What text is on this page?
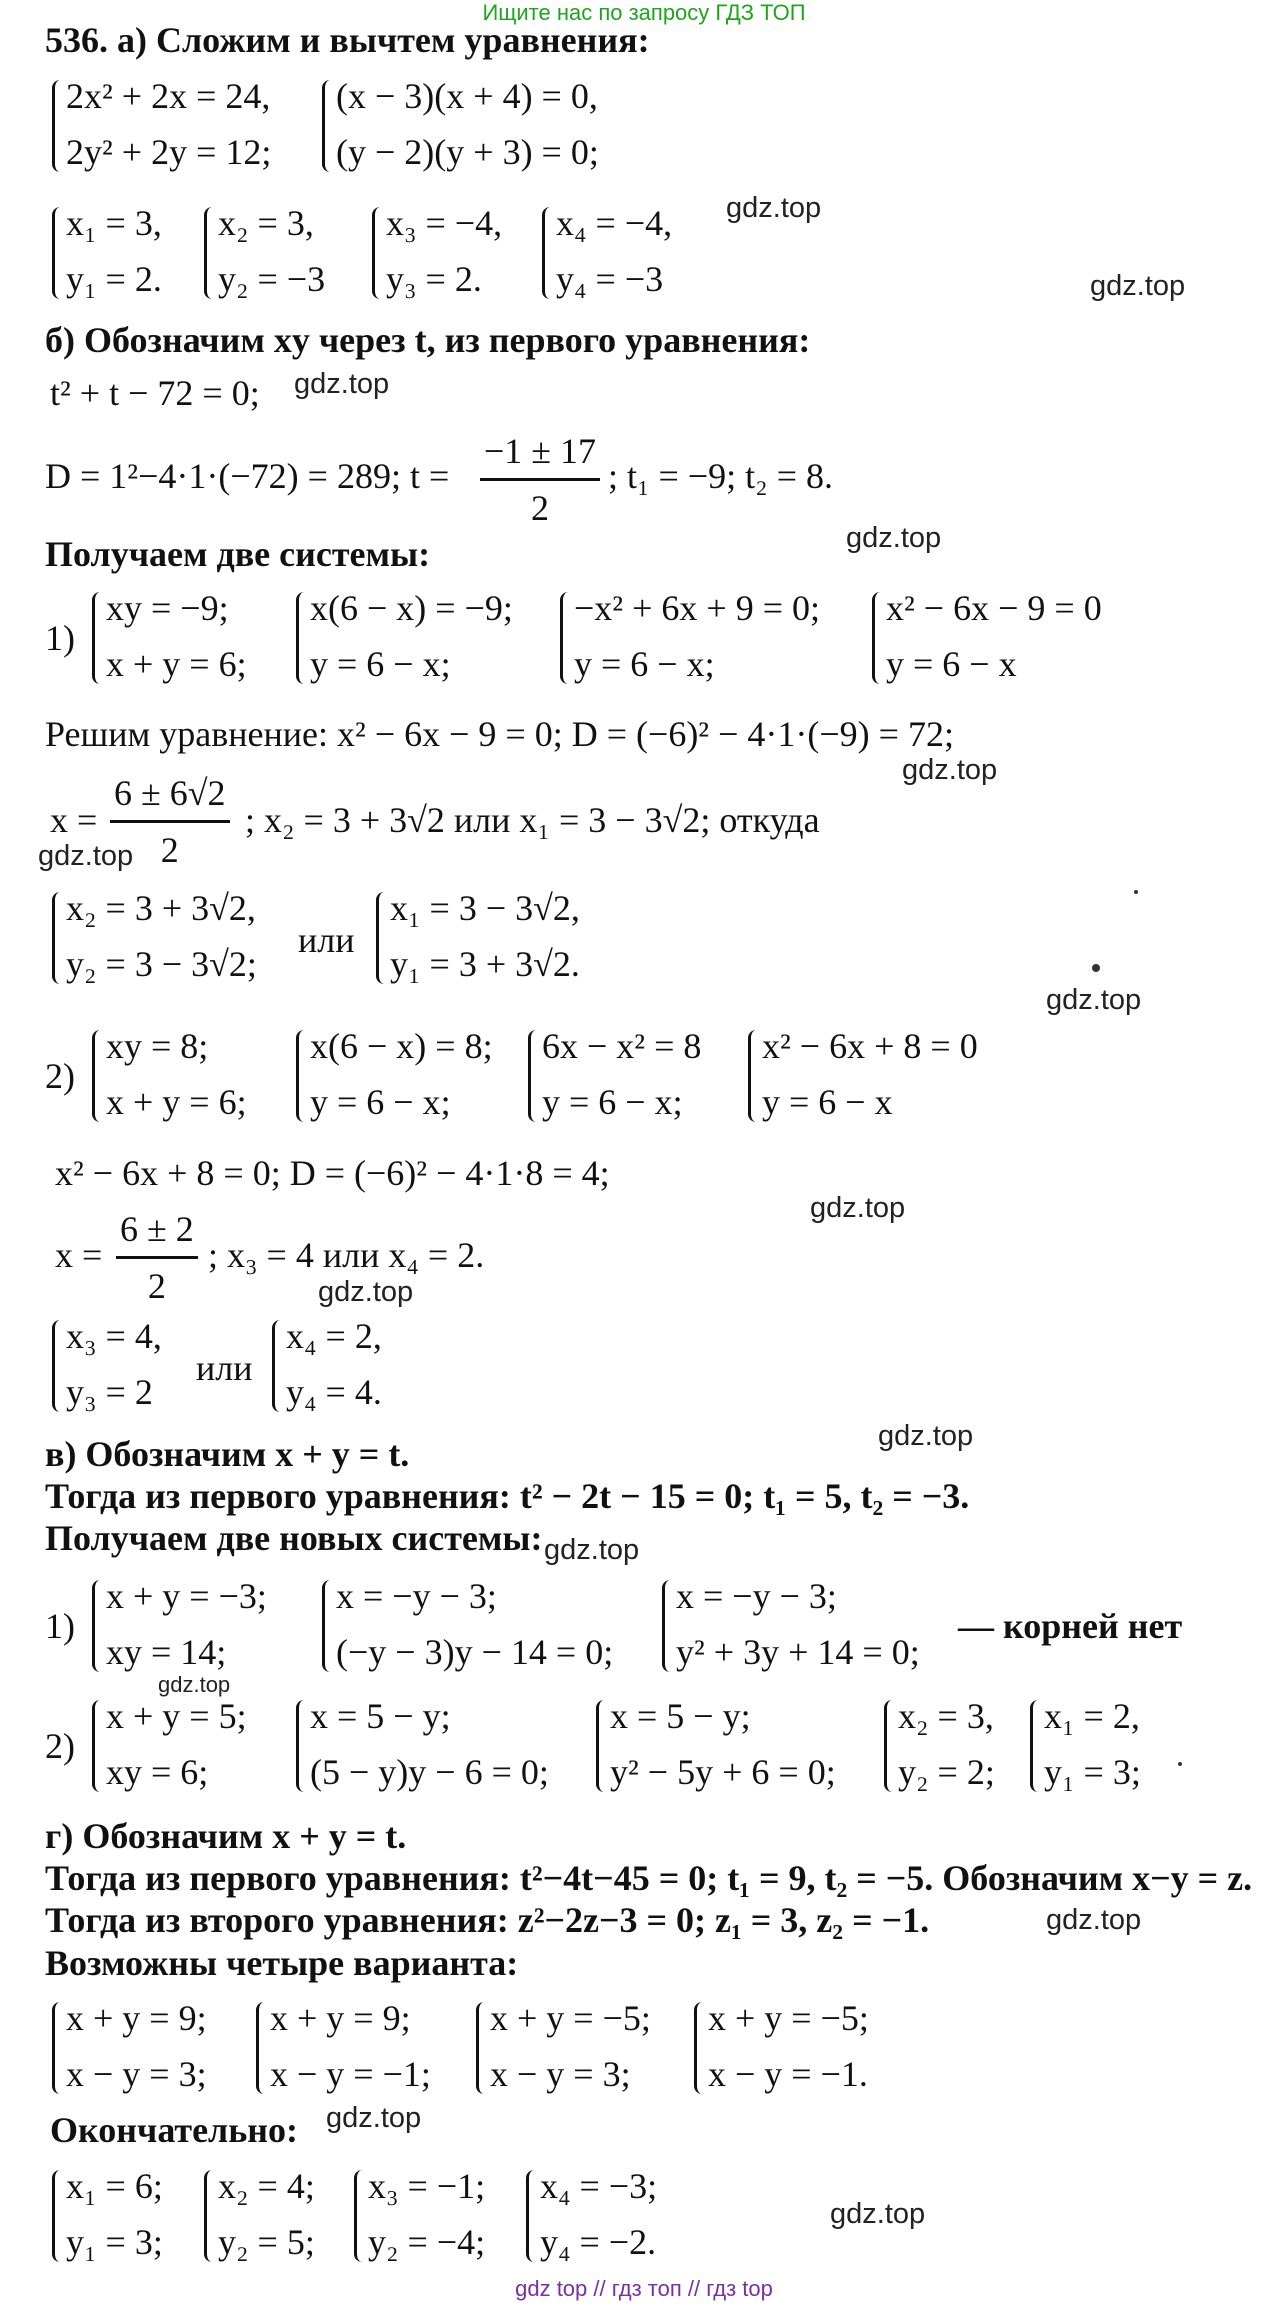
Ищите нас по запросу ГДЗ ТОП
536. а) Сложим и вычтем уравнения:
2x² + 2x = 24,
2y² + 2y = 12;
(x − 3)(x + 4) = 0,
(y − 2)(y + 3) = 0;
x₁ = 3,
y₁ = 2.
x₂ = 3,
y₂ = −3
x₃ = −4,
y₃ = 2.
x₄ = −4,
y₄ = −3
б) Обозначим xy через t, из первого уравнения:
t² + t − 72 = 0;
D = 1²−4·1·(−72) = 289; $t = \frac{-1 \pm 17}{2}$ ; t₁ = −9; t₂ = 8.
Получаем две системы:
1)
xy = −9;
x + y = 6;
x(6 − x) = −9;
y = 6 − x;
−x² + 6x + 9 = 0;
y = 6 − x;
x² − 6x − 9 = 0
y = 6 − x
Решим уравнение: x² − 6x − 9 = 0; D = (−6)² − 4·1·(−9) = 72;
$x = \frac{6 \pm 6√2}{2}$ ; x₂ = 3 + 3√2 или x₁ = 3 − 3√2; откуда
x₂ = 3 + 3√2,
y₂ = 3 − 3√2;
или
x₁ = 3 − 3√2,
y₁ = 3 + 3√2.
2)
xy = 8;
x + y = 6;
x(6 − x) = 8;
y = 6 − x;
6x − x² = 8
y = 6 − x;
x² − 6x + 8 = 0
y = 6 − x
x² − 6x + 8 = 0; D = (−6)² − 4·1·8 = 4;
$x = \frac{6 \pm 2}{2}$ ; x₃ = 4 или x₄ = 2.
x₃ = 4,
y₃ = 2
или
x₄ = 2,
y₄ = 4.
в) Обозначим x + y = t.
Тогда из первого уравнения: t² − 2t − 15 = 0; t₁ = 5, t₂ = −3.
Получаем две новых системы:
1)
x + y = −3;
xy = 14;
x = −y − 3;
(−y − 3)y − 14 = 0;
x = −y − 3;
y² + 3y + 14 = 0;
— корней нет
2)
x + y = 5;
xy = 6;
x = 5 − y;
(5 − y)y − 6 = 0;
x = 5 − y;
y² − 5y + 6 = 0;
x₂ = 3,
y₂ = 2;
x₁ = 2,
y₁ = 3;
г) Обозначим x + y = t.
Тогда из первого уравнения: t²−4t−45 = 0; t₁ = 9, t₂ = −5. Обозначим x−y = z.
Тогда из второго уравнения: z²−2z−3 = 0; z₁ = 3, z₂ = −1.
Возможны четыре варианта:
x + y = 9;
x − y = 3;
x + y = 9;
x − y = −1;
x + y = −5;
x − y = 3;
x + y = −5;
x − y = −1.
Окончательно:
x₁ = 6;
y₁ = 3;
x₂ = 4;
y₂ = 5;
x₃ = −1;
y₂ = −4;
x₄ = −3;
y₄ = −2.
gdz.top
gdz.top
gdz.top
gdz.top
gdz.top
gdz.top
gdz.top
gdz.top
gdz.top
gdz.top
gdz.top
gdz.top
gdz.top
gdz.top
gdz.top
gdz top // гдз топ // гдз top
